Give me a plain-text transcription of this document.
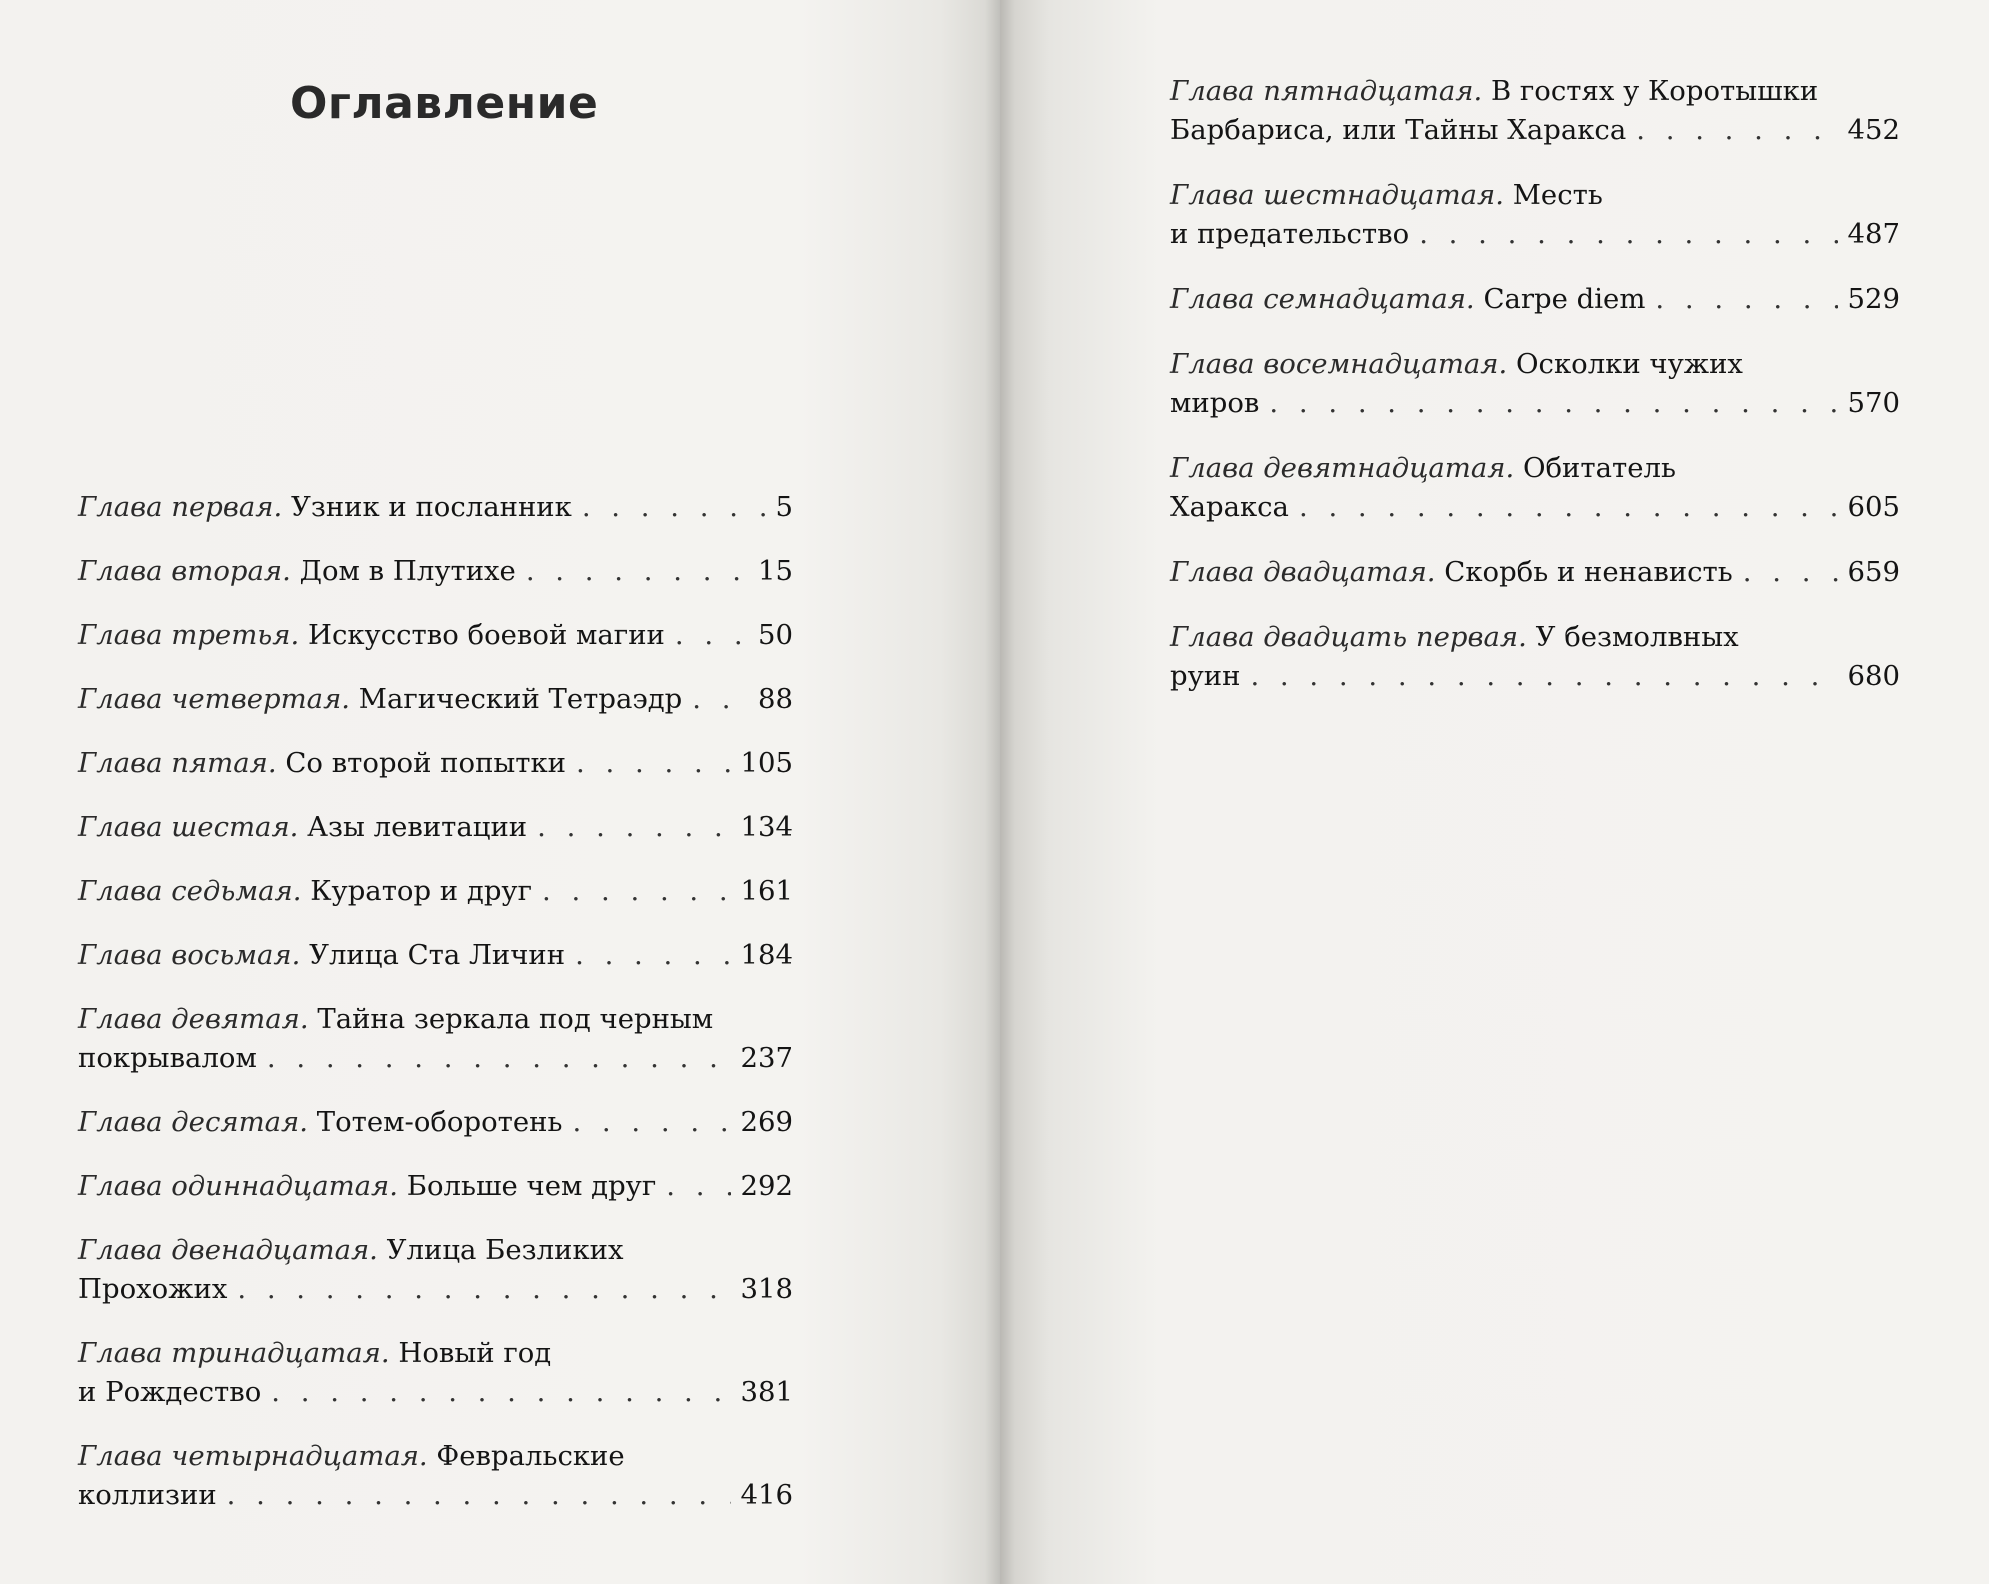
Оглавление
Глава первая. Узник и посланник . . .	5
Глава вторая. Дом в Плутихе . . .	15
Глава третья. Искусство боевой магии . . .	50
Глава четвертая. Магический Тетраэдр . . .	88
Глава пятая. Со второй попытки . . .	105
Глава шестая. Азы левитации . . .	134
Глава седьмая. Куратор и друг . . .	161
Глава восьмая. Улица Ста Личин . . .	184
Глава девятая. Тайна зеркала под черным
покрывалом . . .	237
Глава десятая. Тотем-оборотень . . .	269
Глава одиннадцатая. Больше чем друг . . .	292
Глава двенадцатая. Улица Безликих
Прохожих . . .	318
Глава тринадцатая. Новый год
и Рождество . . .	381
Глава четырнадцатая. Февральские
коллизии . . .	416
Глава пятнадцатая. В гостях у Коротышки
Барбариса, или Тайны Харакса . . .	452
Глава шестнадцатая. Месть
и предательство . . .	487
Глава семнадцатая. Carpe diem . . .	529
Глава восемнадцатая. Осколки чужих
миров . . .	570
Глава девятнадцатая. Обитатель
Харакса . . .	605
Глава двадцатая. Скорбь и ненависть . . .	659
Глава двадцать первая. У безмолвных
руин . . .	680
